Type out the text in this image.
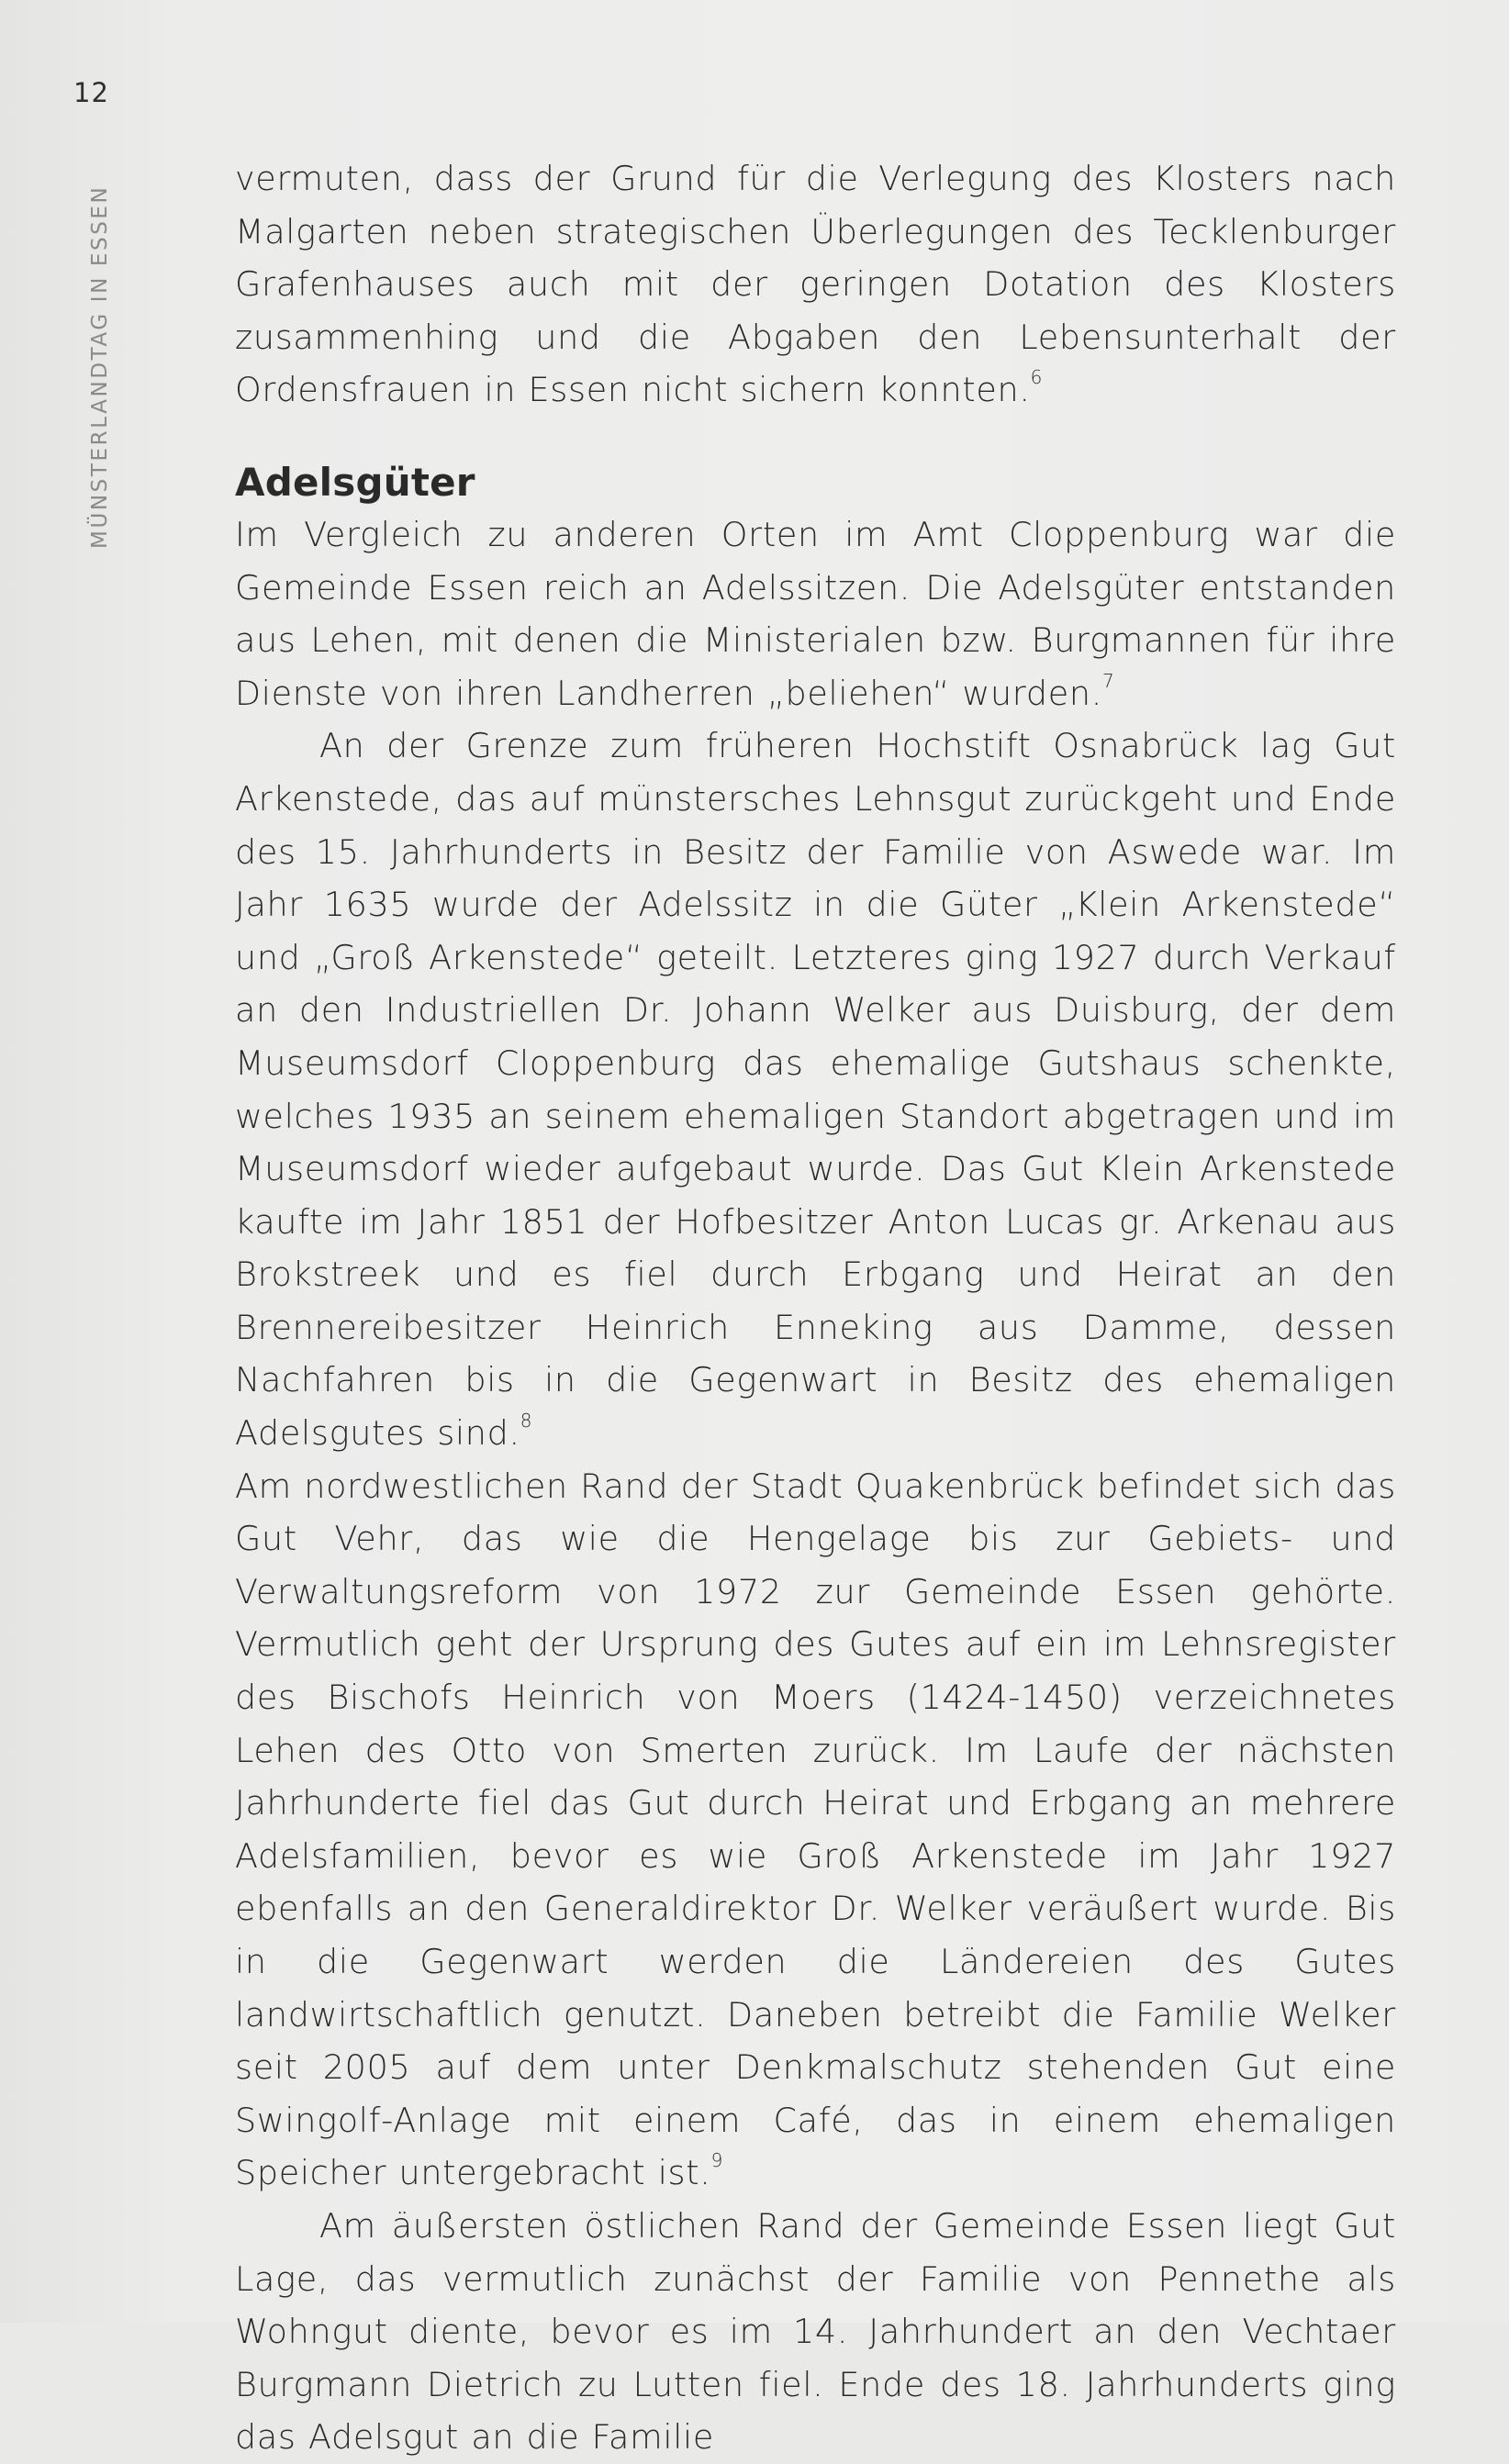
12
MÜNSTERLANDTAG IN ESSEN

vermuten, dass der Grund für die Verlegung des Klosters nach Malgarten neben strategischen Überlegungen des Tecklenburger Grafenhauses auch mit der geringen Dotation des Klosters zusammenhing und die Abgaben den Lebensunterhalt der Ordensfrauen in Essen nicht sichern konnten.$^6$

Adelsgüter

Im Vergleich zu anderen Orten im Amt Cloppenburg war die Gemeinde Essen reich an Adelssitzen. Die Adelsgüter entstanden aus Lehen, mit denen die Ministerialen bzw. Burgmannen für ihre Dienste von ihren Landherren „beliehen“ wurden.$^7$

An der Grenze zum früheren Hochstift Osnabrück lag Gut Arkenstede, das auf münstersches Lehnsgut zurückgeht und Ende des 15. Jahrhunderts in Besitz der Familie von Aswede war. Im Jahr 1635 wurde der Adelssitz in die Güter „Klein Arkenstede“ und „Groß Arkenstede“ geteilt. Letzteres ging 1927 durch Verkauf an den Industriellen Dr. Johann Welker aus Duisburg, der dem Museumsdorf Cloppenburg das ehemalige Gutshaus schenkte, welches 1935 an seinem ehemaligen Standort abgetragen und im Museumsdorf wieder aufgebaut wurde. Das Gut Klein Arkenstede kaufte im Jahr 1851 der Hofbesitzer Anton Lucas gr. Arkenau aus Brokstreek und es fiel durch Erbgang und Heirat an den Brennereibesitzer Heinrich Enneking aus Damme, dessen Nachfahren bis in die Gegenwart in Besitz des ehemaligen Adelsgutes sind.$^8$

Am nordwestlichen Rand der Stadt Quakenbrück befindet sich das Gut Vehr, das wie die Hengelage bis zur Gebiets- und Verwaltungsreform von 1972 zur Gemeinde Essen gehörte. Vermutlich geht der Ursprung des Gutes auf ein im Lehnsregister des Bischofs Heinrich von Moers (1424-1450) verzeichnetes Lehen des Otto von Smerten zurück. Im Laufe der nächsten Jahrhunderte fiel das Gut durch Heirat und Erbgang an mehrere Adelsfamilien, bevor es wie Groß Arkenstede im Jahr 1927 ebenfalls an den Generaldirektor Dr. Welker veräußert wurde. Bis in die Gegenwart werden die Ländereien des Gutes landwirtschaftlich genutzt. Daneben betreibt die Familie Welker seit 2005 auf dem unter Denkmalschutz stehenden Gut eine Swingolf-Anlage mit einem Café, das in einem ehemaligen Speicher untergebracht ist.$^9$

Am äußersten östlichen Rand der Gemeinde Essen liegt Gut Lage, das vermutlich zunächst der Familie von Pennethe als Wohngut diente, bevor es im 14. Jahrhundert an den Vechtaer Burgmann Dietrich zu Lutten fiel. Ende des 18. Jahrhunderts ging das Adelsgut an die Familie
